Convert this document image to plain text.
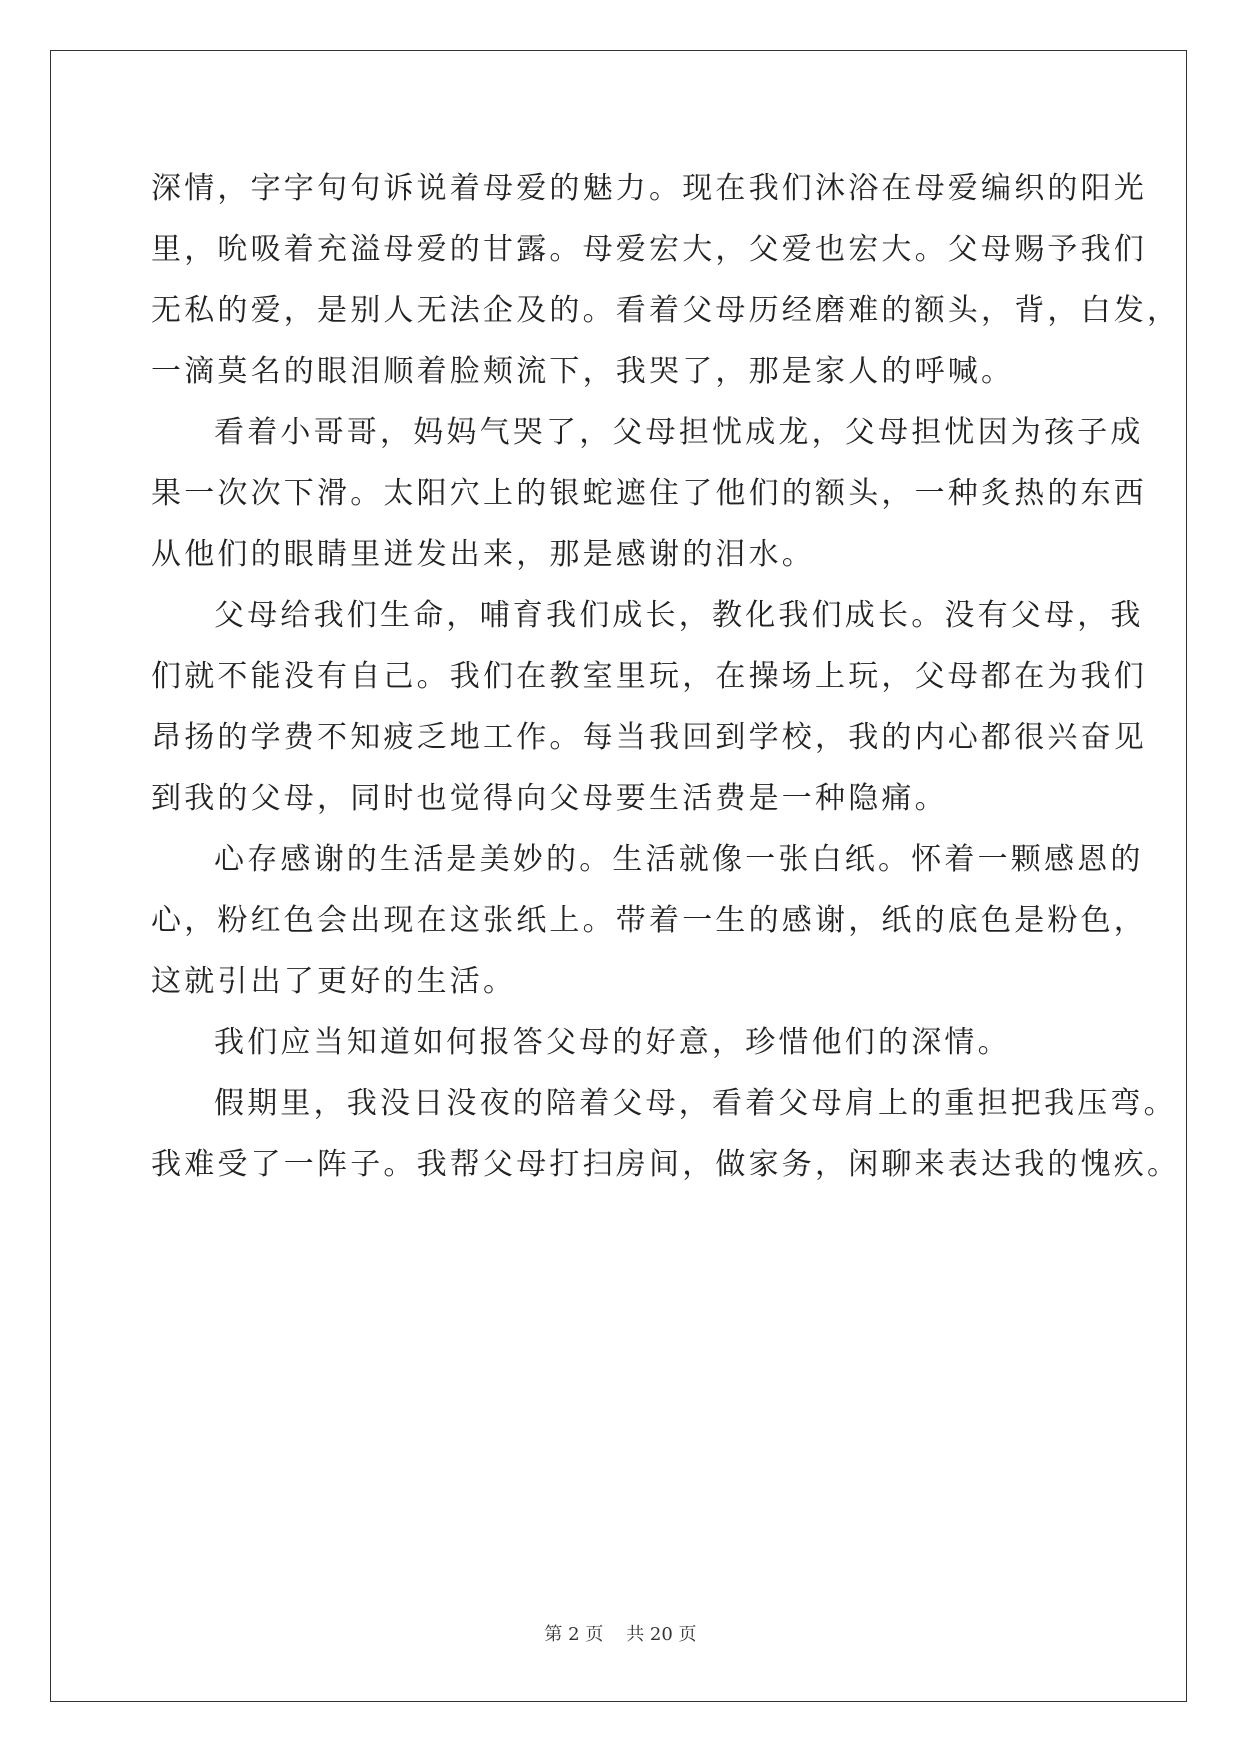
深情，字字句句诉说着母爱的魅力。现在我们沐浴在母爱编织的阳光
里，吮吸着充溢母爱的甘露。母爱宏大，父爱也宏大。父母赐予我们
无私的爱，是别人无法企及的。看着父母历经磨难的额头，背，白发，
一滴莫名的眼泪顺着脸颊流下，我哭了，那是家人的呼喊。
看着小哥哥，妈妈气哭了，父母担忧成龙，父母担忧因为孩子成
果一次次下滑。太阳穴上的银蛇遮住了他们的额头，一种炙热的东西
从他们的眼睛里迸发出来，那是感谢的泪水。
父母给我们生命，哺育我们成长，教化我们成长。没有父母，我
们就不能没有自己。我们在教室里玩，在操场上玩，父母都在为我们
昂扬的学费不知疲乏地工作。每当我回到学校，我的内心都很兴奋见
到我的父母，同时也觉得向父母要生活费是一种隐痛。
心存感谢的生活是美妙的。生活就像一张白纸。怀着一颗感恩的
心，粉红色会出现在这张纸上。带着一生的感谢，纸的底色是粉色，
这就引出了更好的生活。
我们应当知道如何报答父母的好意，珍惜他们的深情。
假期里，我没日没夜的陪着父母，看着父母肩上的重担把我压弯。
我难受了一阵子。我帮父母打扫房间，做家务，闲聊来表达我的愧疚。
第 2 页    共 20 页
